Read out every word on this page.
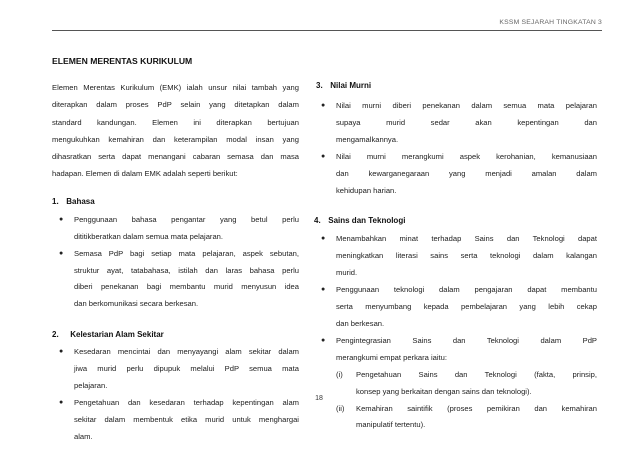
KSSM SEJARAH TINGKATAN 3
ELEMEN MERENTAS KURIKULUM
Elemen Merentas Kurikulum (EMK) ialah unsur nilai tambah yang
diterapkan dalam proses PdP selain yang ditetapkan dalam
standard kandungan. Elemen ini diterapkan bertujuan
mengukuhkan kemahiran dan keterampilan modal insan yang
dihasratkan serta dapat menangani cabaran semasa dan masa
hadapan. Elemen di dalam EMK adalah seperti berikut:
1. Bahasa
● Penggunaan bahasa pengantar yang betul perlu
dititikberatkan dalam semua mata pelajaran.
● Semasa PdP bagi setiap mata pelajaran, aspek sebutan,
struktur ayat, tatabahasa, istilah dan laras bahasa perlu
diberi penekanan bagi membantu murid menyusun idea
dan berkomunikasi secara berkesan.
2. Kelestarian Alam Sekitar
● Kesedaran mencintai dan menyayangi alam sekitar dalam
jiwa murid perlu dipupuk melalui PdP semua mata
pelajaran.
● Pengetahuan dan kesedaran terhadap kepentingan alam
sekitar dalam membentuk etika murid untuk menghargai
alam.
3. Nilai Murni
● Nilai murni diberi penekanan dalam semua mata pelajaran
supaya murid sedar akan kepentingan dan
mengamalkannya.
● Nilai murni merangkumi aspek kerohanian, kemanusiaan
dan kewarganegaraan yang menjadi amalan dalam
kehidupan harian.
4. Sains dan Teknologi
● Menambahkan minat terhadap Sains dan Teknologi dapat
meningkatkan literasi sains serta teknologi dalam kalangan
murid.
● Penggunaan teknologi dalam pengajaran dapat membantu
serta menyumbang kepada pembelajaran yang lebih cekap
dan berkesan.
● Pengintegrasian Sains dan Teknologi dalam PdP
merangkumi empat perkara iaitu:
(i) Pengetahuan Sains dan Teknologi (fakta, prinsip,
konsep yang berkaitan dengan sains dan teknologi).
(ii) Kemahiran saintifik (proses pemikiran dan kemahiran
manipulatif tertentu).
18
